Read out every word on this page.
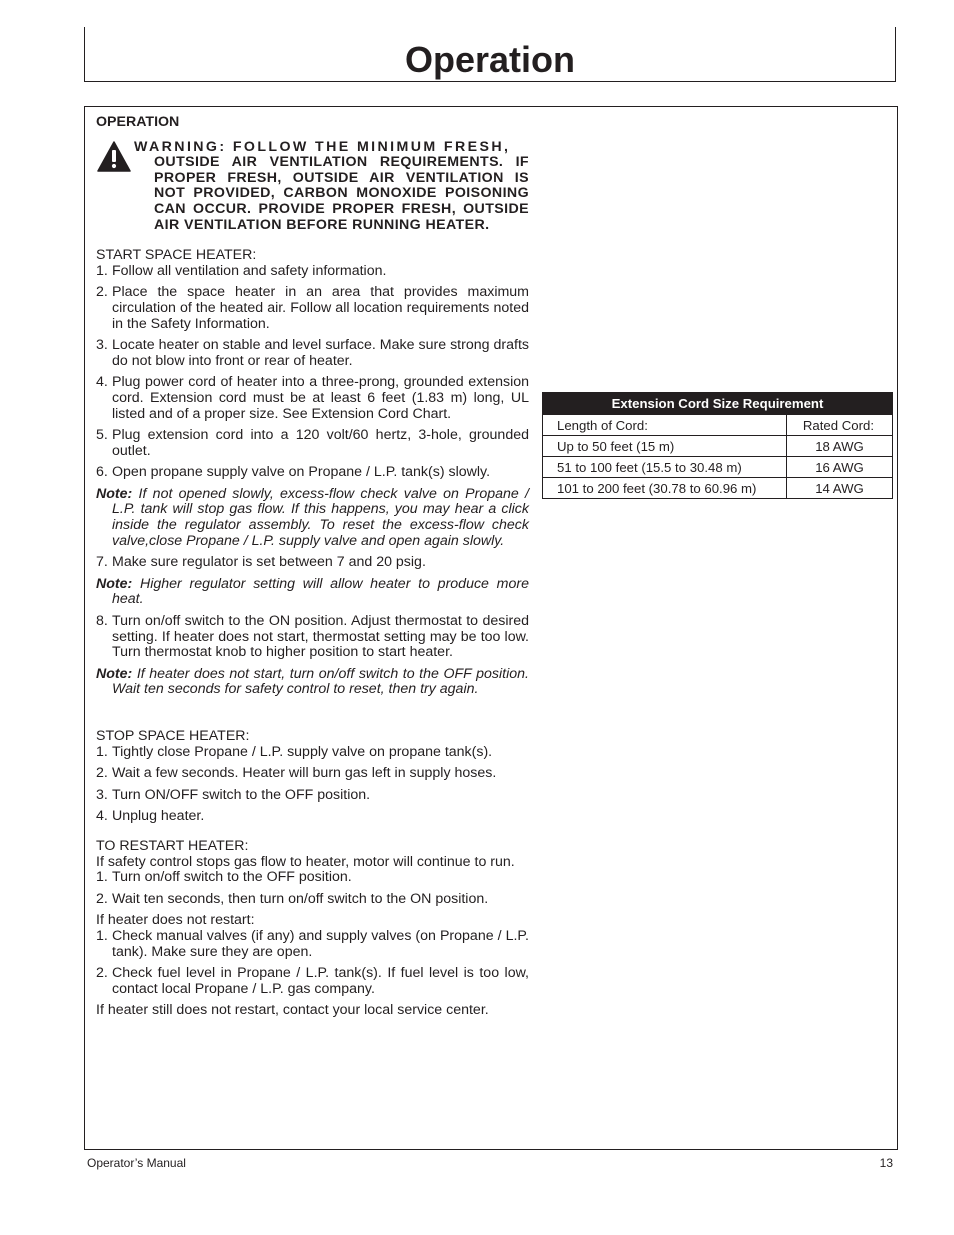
Operation
OPERATION
WARNING: FOLLOW THE MINIMUM FRESH,
OUTSIDE AIR VENTILATION REQUIREMENTS. IF PROPER FRESH, OUTSIDE AIR VENTILATION IS NOT PROVIDED, CARBON MONOXIDE POISONING CAN OCCUR. PROVIDE PROPER FRESH, OUTSIDE AIR VENTILATION BEFORE RUNNING HEATER.

START SPACE HEATER:

1. Follow all ventilation and safety information.
2. Place the space heater in an area that provides maximum circulation of the heated air. Follow all location requirements noted in the Safety Information.
3. Locate heater on stable and level surface. Make sure strong drafts do not blow into front or rear of heater.
4. Plug power cord of heater into a three-prong, grounded extension cord. Extension cord must be at least 6 feet (1.83 m) long, UL listed and of a proper size. See Extension Cord Chart.
5. Plug extension cord into a 120 volt/60 hertz, 3-hole, grounded outlet.
6. Open propane supply valve on Propane / L.P. tank(s) slowly.

Note: If not opened slowly, excess-flow check valve on Propane / L.P. tank will stop gas flow. If this happens, you may hear a click inside the regulator assembly. To reset the excess-flow check valve,close Propane / L.P. supply valve and open again slowly.

7. Make sure regulator is set between 7 and 20 psig.

Note: Higher regulator setting will allow heater to produce more heat.

8. Turn on/off switch to the ON position. Adjust thermostat to desired setting. If heater does not start, thermostat setting may be too low. Turn thermostat knob to higher position to start heater.

Note: If heater does not start, turn on/off switch to the OFF position. Wait ten seconds for safety control to reset, then try again.

STOP SPACE HEATER:

1. Tightly close Propane / L.P. supply valve on propane tank(s).
2. Wait a few seconds. Heater will burn gas left in supply hoses.
3. Turn ON/OFF switch to the OFF position.
4. Unplug heater.

TO RESTART HEATER:

If safety control stops gas flow to heater, motor will continue to run.

1. Turn on/off switch to the OFF position.
2. Wait ten seconds, then turn on/off switch to the ON position.

If heater does not restart:

1. Check manual valves (if any) and supply valves (on Propane / L.P. tank). Make sure they are open.
2. Check fuel level in Propane / L.P. tank(s). If fuel level is too low, contact local Propane / L.P. gas company.

If heater still does not restart, contact your local service center.

Extension Cord Size Requirement	
Length of Cord:	Rated Cord:
Up to 50 feet (15 m)	18 AWG
51 to 100 feet (15.5 to 30.48 m)	16 AWG
101 to 200 feet (30.78 to 60.96 m)	14 AWG
Operator’s Manual	13
